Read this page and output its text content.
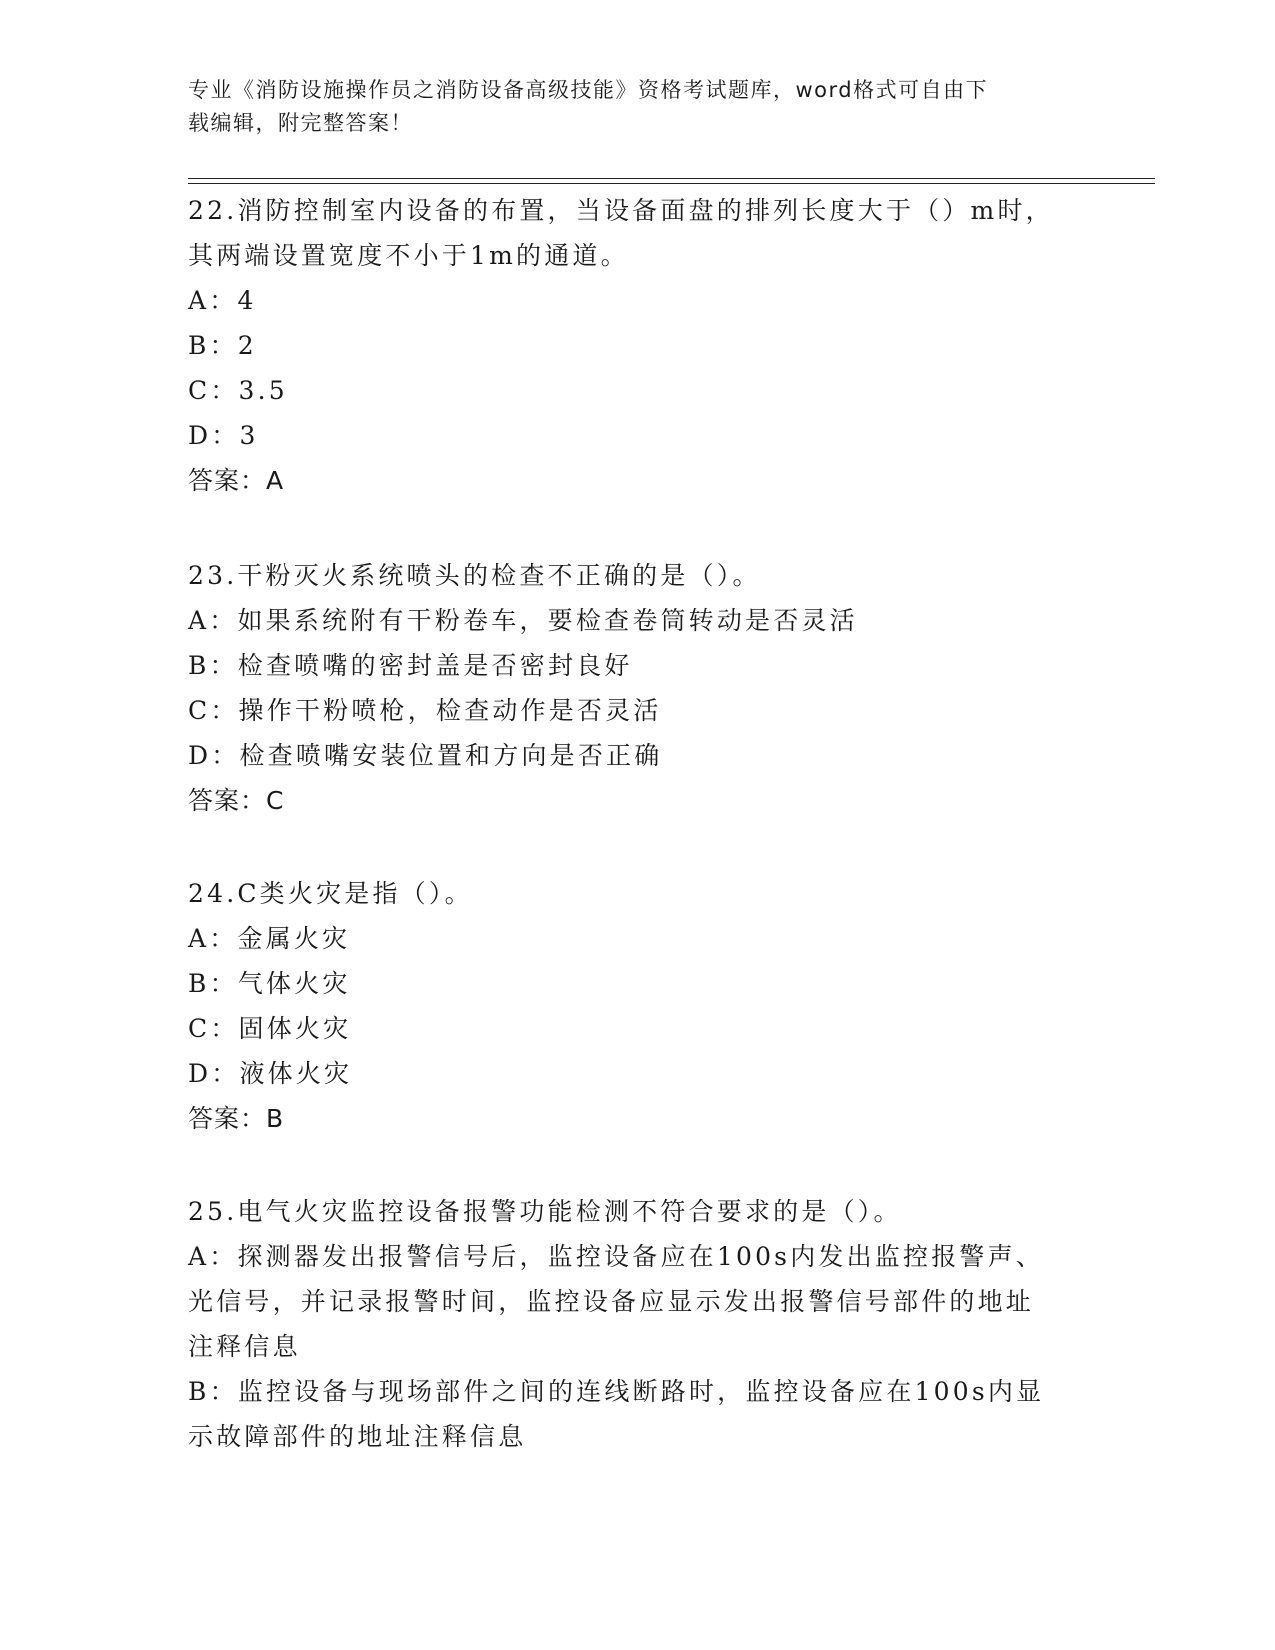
专业《消防设施操作员之消防设备高级技能》资格考试题库，word格式可自由下
载编辑，附完整答案！
22.消防控制室内设备的布置，当设备面盘的排列长度大于（）m时，
其两端设置宽度不小于1m的通道。
A：4
B：2
C：3.5
D：3
答案：A
23.干粉灭火系统喷头的检查不正确的是（）。
A：如果系统附有干粉卷车，要检查卷筒转动是否灵活
B：检查喷嘴的密封盖是否密封良好
C：操作干粉喷枪，检查动作是否灵活
D：检查喷嘴安装位置和方向是否正确
答案：C
24.C类火灾是指（）。
A：金属火灾
B：气体火灾
C：固体火灾
D：液体火灾
答案：B
25.电气火灾监控设备报警功能检测不符合要求的是（）。
A：探测器发出报警信号后，监控设备应在100s内发出监控报警声、
光信号，并记录报警时间，监控设备应显示发出报警信号部件的地址
注释信息
B：监控设备与现场部件之间的连线断路时，监控设备应在100s内显
示故障部件的地址注释信息
